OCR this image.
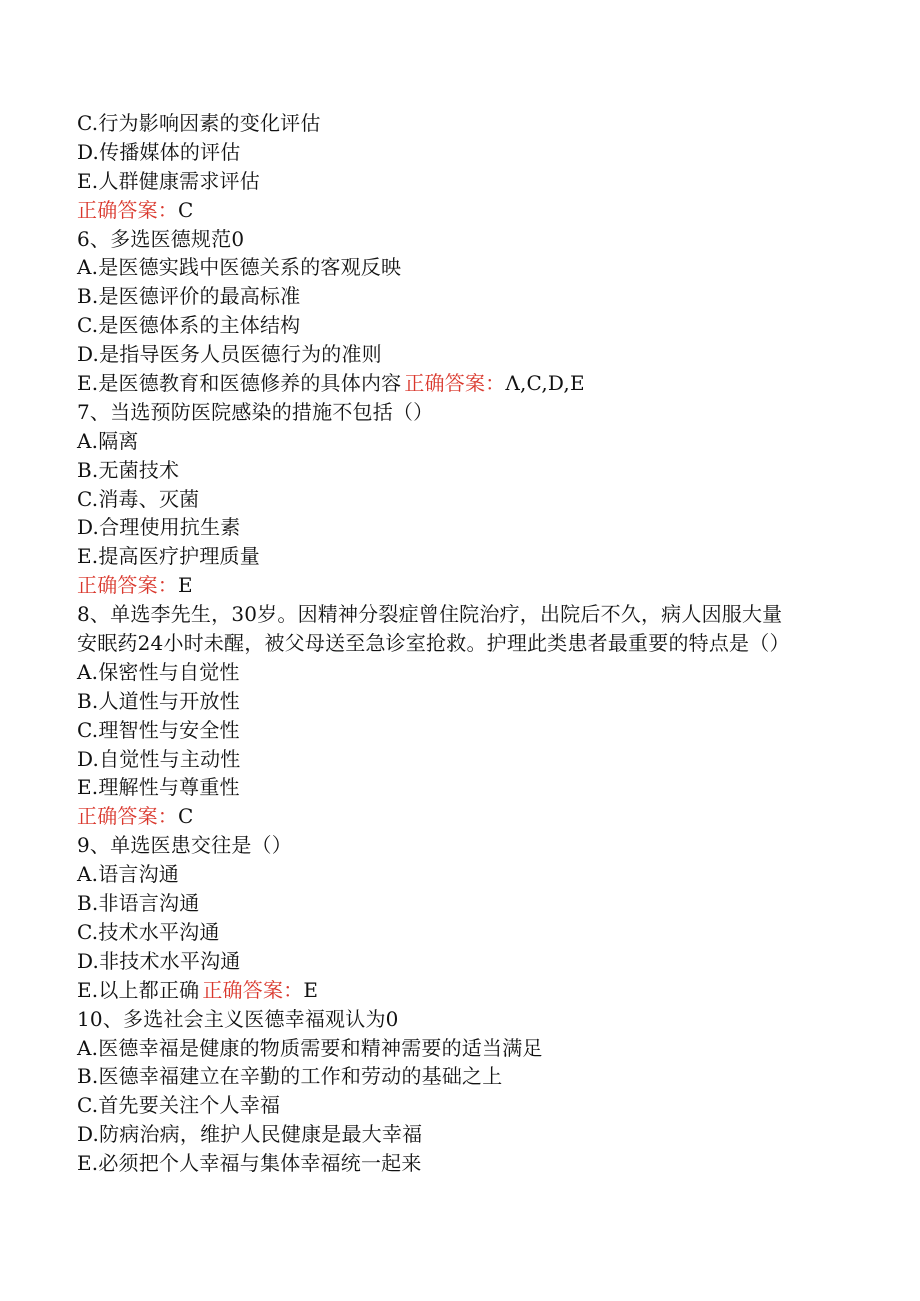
C.行为影响因素的变化评估
D.传播媒体的评估
E.人群健康需求评估
正确答案：C
6、多选医德规范0
A.是医德实践中医德关系的客观反映
B.是医德评价的最高标准
C.是医德体系的主体结构
D.是指导医务人员医德行为的准则
E.是医德教育和医德修养的具体内容 正确答案：Λ,C,D,E
7、当选预防医院感染的措施不包括（）
A.隔离
B.无菌技术
C.消毒、灭菌
D.合理使用抗生素
E.提高医疗护理质量
正确答案：E
8、单选李先生，30岁。因精神分裂症曾住院治疗，出院后不久，病人因服大量
安眠药24小时未醒，被父母送至急诊室抢救。护理此类患者最重要的特点是（）
A.保密性与自觉性
B.人道性与开放性
C.理智性与安全性
D.自觉性与主动性
E.理解性与尊重性
正确答案：C
9、单选医患交往是（）
A.语言沟通
B.非语言沟通
C.技术水平沟通
D.非技术水平沟通
E.以上都正确 正确答案：E
10、多选社会主义医德幸福观认为0
A.医德幸福是健康的物质需要和精神需要的适当满足
B.医德幸福建立在辛勤的工作和劳动的基础之上
C.首先要关注个人幸福
D.防病治病，维护人民健康是最大幸福
E.必须把个人幸福与集体幸福统一起来
